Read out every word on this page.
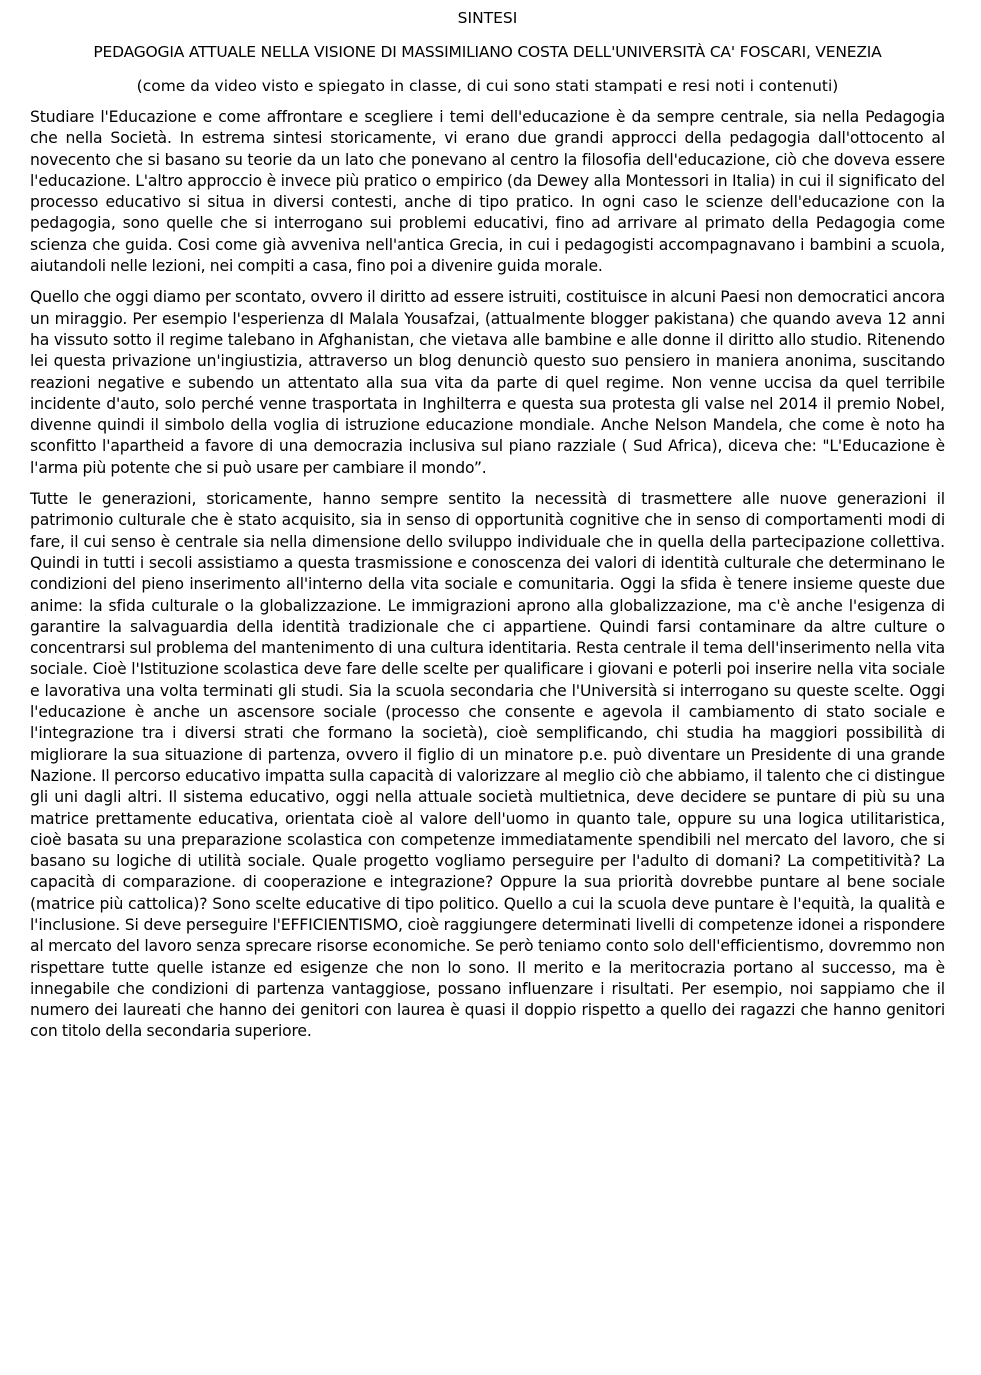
SINTESI
PEDAGOGIA ATTUALE NELLA VISIONE DI MASSIMILIANO COSTA DELL'UNIVERSITÀ CA' FOSCARI, VENEZIA

(come da video visto e spiegato in classe, di cui sono stati stampati e resi noti i contenuti)

Studiare l'Educazione e come affrontare e scegliere i temi dell'educazione è da sempre centrale, sia nella Pedagogia che nella Società. In estrema sintesi storicamente, vi erano due grandi approcci della pedagogia dall'ottocento al novecento che si basano su teorie da un lato che ponevano al centro la filosofia dell'educazione, ciò che doveva essere l'educazione. L'altro approccio è invece più pratico o empirico (da Dewey alla Montessori in Italia) in cui il significato del processo educativo si situa in diversi contesti, anche di tipo pratico. In ogni caso le scienze dell'educazione con la pedagogia, sono quelle che si interrogano sui problemi educativi, fino ad arrivare al primato della Pedagogia come scienza che guida. Cosi come già avveniva nell'antica Grecia, in cui i pedagogisti accompagnavano i bambini a scuola, aiutandoli nelle lezioni, nei compiti a casa, fino poi a divenire guida morale.

Quello che oggi diamo per scontato, ovvero il diritto ad essere istruiti, costituisce in alcuni Paesi non democratici ancora un miraggio. Per esempio l'esperienza dI Malala Yousafzai, (attualmente blogger pakistana) che quando aveva 12 anni ha vissuto sotto il regime talebano in Afghanistan, che vietava alle bambine e alle donne il diritto allo studio. Ritenendo lei questa privazione un'ingiustizia, attraverso un blog denunciò questo suo pensiero in maniera anonima, suscitando reazioni negative e subendo un attentato alla sua vita da parte di quel regime. Non venne uccisa da quel terribile incidente d'auto, solo perché venne trasportata in Inghilterra e questa sua protesta gli valse nel 2014 il premio Nobel, divenne quindi il simbolo della voglia di istruzione educazione mondiale. Anche Nelson Mandela, che come è noto ha sconfitto l'apartheid a favore di una democrazia inclusiva sul piano razziale ( Sud Africa), diceva che: "L'Educazione è l'arma più potente che si può usare per cambiare il mondo”.

Tutte le generazioni, storicamente, hanno sempre sentito la necessità di trasmettere alle nuove generazioni il patrimonio culturale che è stato acquisito, sia in senso di opportunità cognitive che in senso di comportamenti modi di fare, il cui senso è centrale sia nella dimensione dello sviluppo individuale che in quella della partecipazione collettiva. Quindi in tutti i secoli assistiamo a questa trasmissione e conoscenza dei valori di identità culturale che determinano le condizioni del pieno inserimento all'interno della vita sociale e comunitaria. Oggi la sfida è tenere insieme queste due anime: la sfida culturale o la globalizzazione. Le immigrazioni aprono alla globalizzazione, ma c'è anche l'esigenza di garantire la salvaguardia della identità tradizionale che ci appartiene. Quindi farsi contaminare da altre culture o concentrarsi sul problema del mantenimento di una cultura identitaria. Resta centrale il tema dell'inserimento nella vita sociale. Cioè l'Istituzione scolastica deve fare delle scelte per qualificare i giovani e poterli poi inserire nella vita sociale e lavorativa una volta terminati gli studi. Sia la scuola secondaria che l'Università si interrogano su queste scelte. Oggi l'educazione è anche un ascensore sociale (processo che consente e agevola il cambiamento di stato sociale e l'integrazione tra i diversi strati che formano la società), cioè semplificando, chi studia ha maggiori possibilità di migliorare la sua situazione di partenza, ovvero il figlio di un minatore p.e. può diventare un Presidente di una grande Nazione. Il percorso educativo impatta sulla capacità di valorizzare al meglio ciò che abbiamo, il talento che ci distingue gli uni dagli altri. Il sistema educativo, oggi nella attuale società multietnica, deve decidere se puntare di più su una matrice prettamente educativa, orientata cioè al valore dell'uomo in quanto tale, oppure su una logica utilitaristica, cioè basata su una preparazione scolastica con competenze immediatamente spendibili nel mercato del lavoro, che si basano su logiche di utilità sociale. Quale progetto vogliamo perseguire per l'adulto di domani? La competitività? La capacità di comparazione. di cooperazione e integrazione? Oppure la sua priorità dovrebbe puntare al bene sociale (matrice più cattolica)? Sono scelte educative di tipo politico. Quello a cui la scuola deve puntare è l'equità, la qualità e l'inclusione. Si deve perseguire l'EFFICIENTISMO, cioè raggiungere determinati livelli di competenze idonei a rispondere al mercato del lavoro senza sprecare risorse economiche. Se però teniamo conto solo dell'efficientismo, dovremmo non rispettare tutte quelle istanze ed esigenze che non lo sono. Il merito e la meritocrazia portano al successo, ma è innegabile che condizioni di partenza vantaggiose, possano influenzare i risultati. Per esempio, noi sappiamo che il numero dei laureati che hanno dei genitori con laurea è quasi il doppio rispetto a quello dei ragazzi che hanno genitori con titolo della secondaria superiore.
